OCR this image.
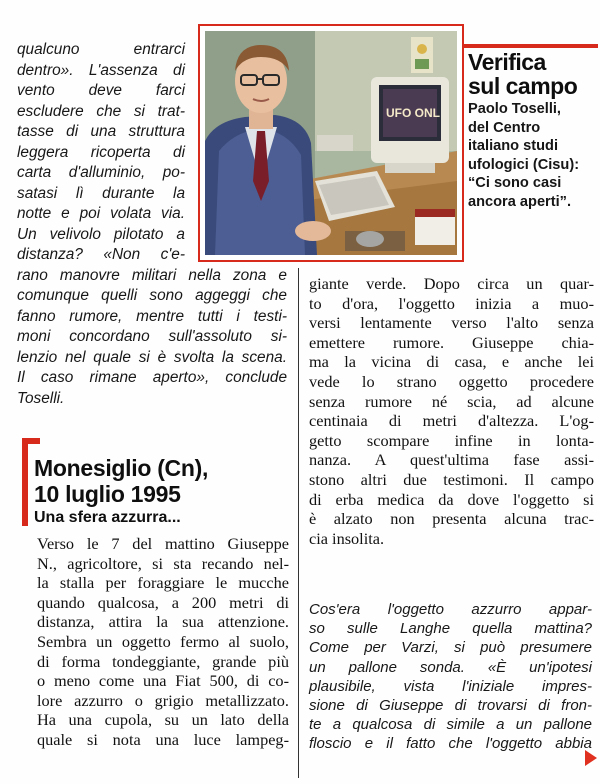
qualcuno entrarci
dentro». L'assenza di
vento deve farci
escludere che si trat-
tasse di una struttura
leggera ricoperta di
carta d'alluminio, po-
satasi lì durante la
notte e poi volata via.
Un velivolo pilotato a
distanza? «Non c'e-
rano manovre militari nella zona e
comunque quelli sono aggeggi che
fanno rumore, mentre tutti i testi-
moni concordano sull'assoluto si-
lenzio nel quale si è svolta la scena.
Il caso rimane aperto», conclude
Toselli.
UFO ONL
Verifica
sul campo
Paolo Toselli,
del Centro
italiano studi
ufologici (Cisu):
“Ci sono casi
ancora aperti”.
Monesiglio (Cn),
10 luglio 1995
Una sfera azzurra...
Verso le 7 del mattino Giuseppe
N., agricoltore, si sta recando nel-
la stalla per foraggiare le mucche
quando qualcosa, a 200 metri di
distanza, attira la sua attenzione.
Sembra un oggetto fermo al suolo,
di forma tondeggiante, grande più
o meno come una Fiat 500, di co-
lore azzurro o grigio metallizzato.
Ha una cupola, su un lato della
quale si nota una luce lampeg-
giante verde. Dopo circa un quar-
to d'ora, l'oggetto inizia a muo-
versi lentamente verso l'alto senza
emettere rumore. Giuseppe chia-
ma la vicina di casa, e anche lei
vede lo strano oggetto procedere
senza rumore né scia, ad alcune
centinaia di metri d'altezza. L'og-
getto scompare infine in lonta-
nanza. A quest'ultima fase assi-
stono altri due testimoni. Il campo
di erba medica da dove l'oggetto si
è alzato non presenta alcuna trac-
cia insolita.
Cos'era l'oggetto azzurro appar-
so sulle Langhe quella mattina?
Come per Varzi, si può presumere
un pallone sonda. «È un'ipotesi
plausibile, vista l'iniziale impres-
sione di Giuseppe di trovarsi di fron-
te a qualcosa di simile a un pallone
floscio e il fatto che l'oggetto abbia
